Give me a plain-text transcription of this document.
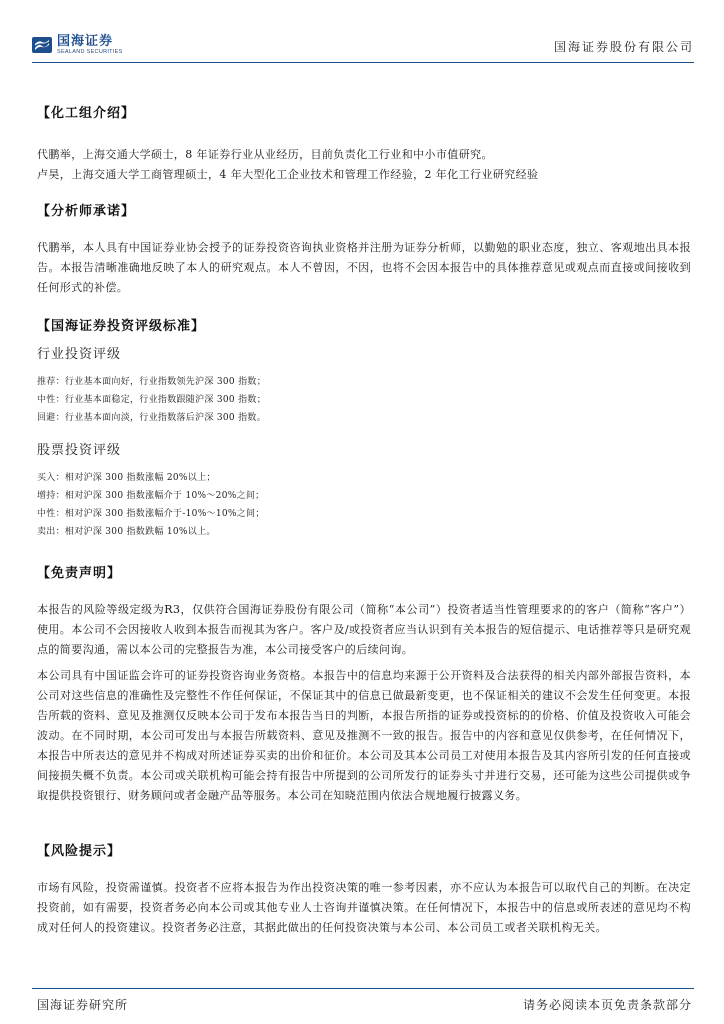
国海证券
SEALAND SECURITIES	国海证券股份有限公司
【化工组介绍】
代鹏举，上海交通大学硕士，8 年证券行业从业经历，目前负责化工行业和中小市值研究。
卢昊，上海交通大学工商管理硕士，4 年大型化工企业技术和管理工作经验，2 年化工行业研究经验
【分析师承诺】
代鹏举，本人具有中国证券业协会授予的证券投资咨询执业资格并注册为证券分析师，以勤勉的职业态度，独立、客观地出具本报告。本报告清晰准确地反映了本人的研究观点。本人不曾因，不因，也将不会因本报告中的具体推荐意见或观点而直接或间接收到任何形式的补偿。
【国海证券投资评级标准】
行业投资评级
推荐：行业基本面向好，行业指数领先沪深 300 指数；
中性：行业基本面稳定，行业指数跟随沪深 300 指数；
回避：行业基本面向淡，行业指数落后沪深 300 指数。
股票投资评级
买入：相对沪深 300 指数涨幅 20%以上；
增持：相对沪深 300 指数涨幅介于 10%～20%之间；
中性：相对沪深 300 指数涨幅介于-10%～10%之间；
卖出：相对沪深 300 指数跌幅 10%以上。
【免责声明】
本报告的风险等级定级为R3，仅供符合国海证券股份有限公司（简称“本公司”）投资者适当性管理要求的的客户（简称“客户”）使用。本公司不会因接收人收到本报告而视其为客户。客户及/或投资者应当认识到有关本报告的短信提示、电话推荐等只是研究观点的简要沟通，需以本公司的完整报告为准，本公司接受客户的后续问询。
本公司具有中国证监会许可的证券投资咨询业务资格。本报告中的信息均来源于公开资料及合法获得的相关内部外部报告资料，本公司对这些信息的准确性及完整性不作任何保证，不保证其中的信息已做最新变更，也不保证相关的建议不会发生任何变更。本报告所载的资料、意见及推测仅反映本公司于发布本报告当日的判断，本报告所指的证券或投资标的的价格、价值及投资收入可能会波动。在不同时期，本公司可发出与本报告所载资料、意见及推测不一致的报告。报告中的内容和意见仅供参考，在任何情况下，本报告中所表达的意见并不构成对所述证券买卖的出价和征价。本公司及其本公司员工对使用本报告及其内容所引发的任何直接或间接损失概不负责。本公司或关联机构可能会持有报告中所提到的公司所发行的证券头寸并进行交易，还可能为这些公司提供或争取提供投资银行、财务顾问或者金融产品等服务。本公司在知晓范围内依法合规地履行披露义务。
【风险提示】
市场有风险，投资需谨慎。投资者不应将本报告为作出投资决策的唯一参考因素，亦不应认为本报告可以取代自己的判断。在决定投资前，如有需要，投资者务必向本公司或其他专业人士咨询并谨慎决策。在任何情况下，本报告中的信息或所表述的意见均不构成对任何人的投资建议。投资者务必注意，其据此做出的任何投资决策与本公司、本公司员工或者关联机构无关。
国海证券研究所	请务必阅读本页免责条款部分
